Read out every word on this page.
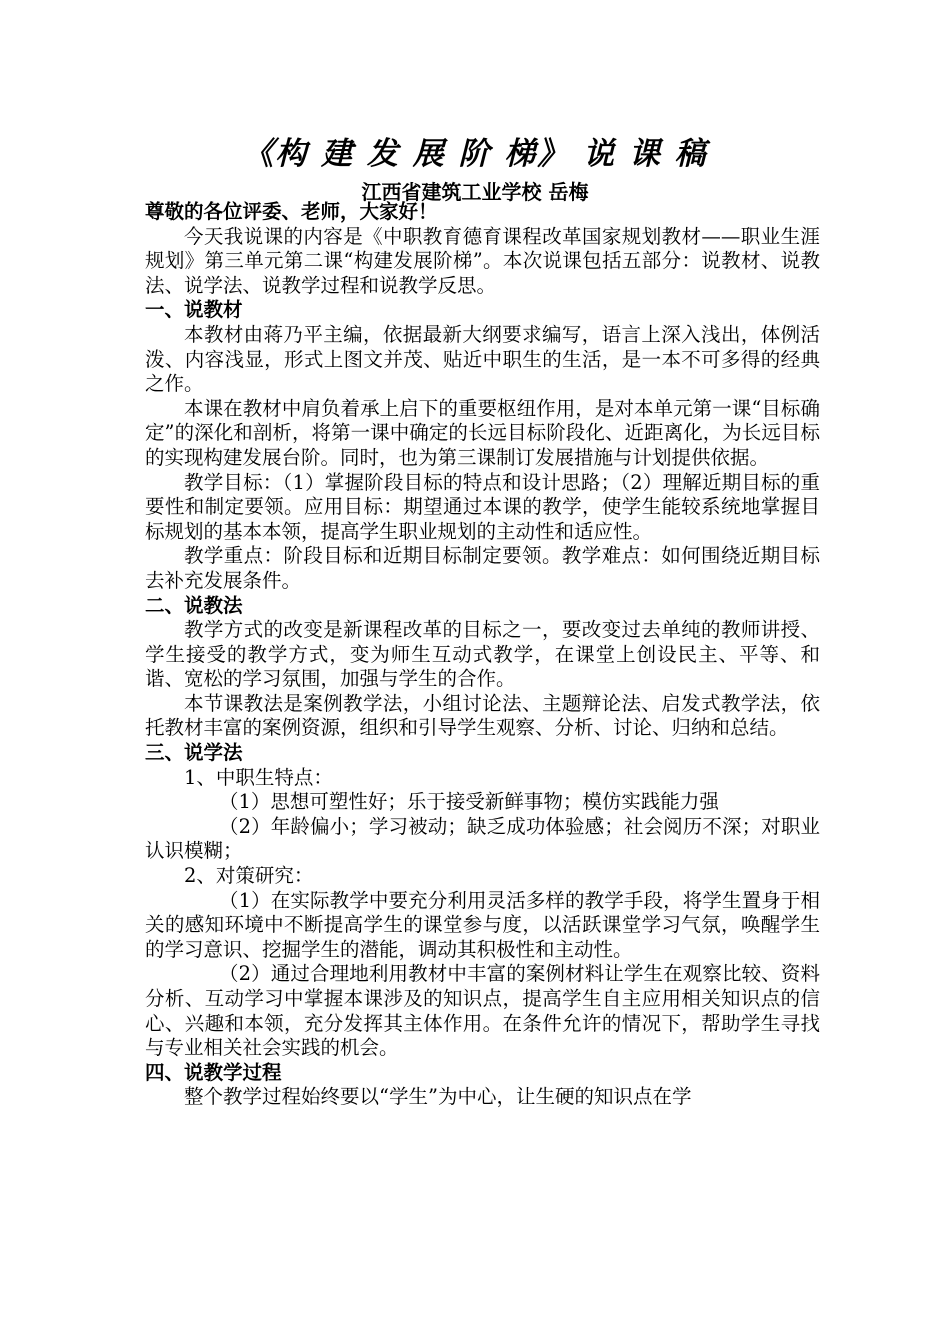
《构 建 发 展 阶 梯》 说 课 稿
江西省建筑工业学校 岳梅

尊敬的各位评委、老师，大家好！

今天我说课的内容是《中职教育德育课程改革国家规划教材——职业生涯规划》第三单元第二课“构建发展阶梯”。本次说课包括五部分：说教材、说教法、说学法、说教学过程和说教学反思。

一、说教材

本教材由蒋乃平主编，依据最新大纲要求编写，语言上深入浅出，体例活泼、内容浅显，形式上图文并茂、贴近中职生的生活，是一本不可多得的经典之作。

本课在教材中肩负着承上启下的重要枢纽作用，是对本单元第一课“目标确定”的深化和剖析，将第一课中确定的长远目标阶段化、近距离化，为长远目标的实现构建发展台阶。同时，也为第三课制订发展措施与计划提供依据。

教学目标：（1）掌握阶段目标的特点和设计思路；（2）理解近期目标的重要性和制定要领。应用目标：期望通过本课的教学，使学生能较系统地掌握目标规划的基本本领，提高学生职业规划的主动性和适应性。

教学重点：阶段目标和近期目标制定要领。教学难点：如何围绕近期目标去补充发展条件。

二、说教法

教学方式的改变是新课程改革的目标之一，要改变过去单纯的教师讲授、学生接受的教学方式，变为师生互动式教学，在课堂上创设民主、平等、和谐、宽松的学习氛围，加强与学生的合作。

本节课教法是案例教学法，小组讨论法、主题辩论法、启发式教学法，依托教材丰富的案例资源，组织和引导学生观察、分析、讨论、归纳和总结。

三、说学法

1、中职生特点：

（1）思想可塑性好；乐于接受新鲜事物；模仿实践能力强

（2）年龄偏小；学习被动；缺乏成功体验感；社会阅历不深；对职业认识模糊；

2、对策研究：

（1）在实际教学中要充分利用灵活多样的教学手段，将学生置身于相关的感知环境中不断提高学生的课堂参与度，以活跃课堂学习气氛，唤醒学生的学习意识、挖掘学生的潜能，调动其积极性和主动性。

（2）通过合理地利用教材中丰富的案例材料让学生在观察比较、资料分析、互动学习中掌握本课涉及的知识点，提高学生自主应用相关知识点的信心、兴趣和本领，充分发挥其主体作用。在条件允许的情况下，帮助学生寻找与专业相关社会实践的机会。

四、说教学过程

整个教学过程始终要以“学生”为中心，让生硬的知识点在学
